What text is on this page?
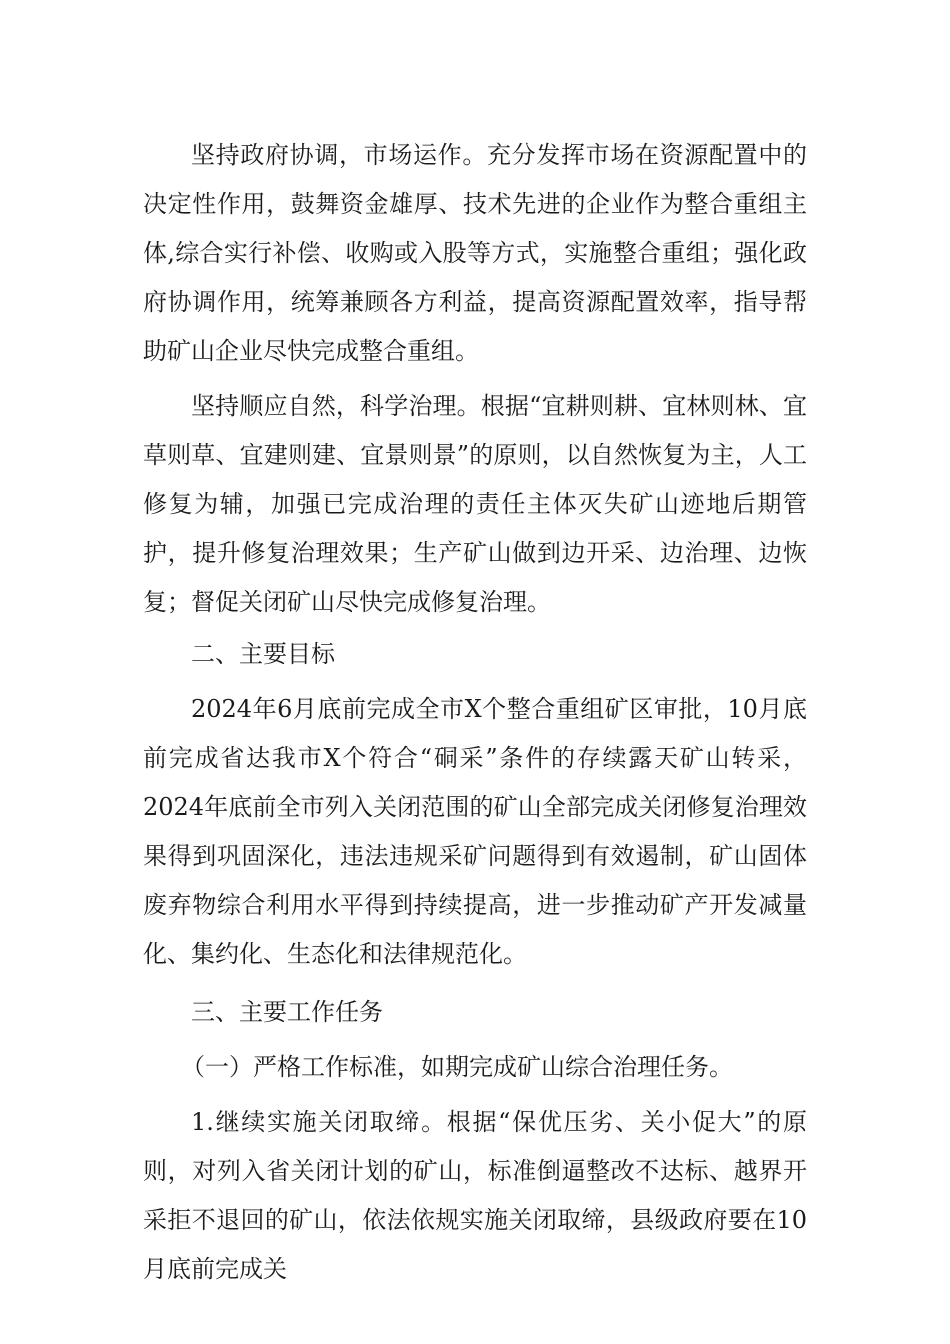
坚持政府协调，市场运作。充分发挥市场在资源配置中的决定性作用，鼓舞资金雄厚、技术先进的企业作为整合重组主体,综合实行补偿、收购或入股等方式，实施整合重组；强化政府协调作用，统筹兼顾各方利益，提高资源配置效率，指导帮助矿山企业尽快完成整合重组。

坚持顺应自然，科学治理。根据“宜耕则耕、宜林则林、宜草则草、宜建则建、宜景则景”的原则，以自然恢复为主，人工修复为辅，加强已完成治理的责任主体灭失矿山迹地后期管护，提升修复治理效果；生产矿山做到边开采、边治理、边恢复；督促关闭矿山尽快完成修复治理。

二、主要目标

2024年6月底前完成全市X个整合重组矿区审批，10月底前完成省达我市X个符合“硐采”条件的存续露天矿山转采，2024年底前全市列入关闭范围的矿山全部完成关闭修复治理效果得到巩固深化，违法违规采矿问题得到有效遏制，矿山固体废弃物综合利用水平得到持续提高，进一步推动矿产开发减量化、集约化、生态化和法律规范化。

三、主要工作任务

（一）严格工作标准，如期完成矿山综合治理任务。

1.继续实施关闭取缔。根据“保优压劣、关小促大”的原则，对列入省关闭计划的矿山，标准倒逼整改不达标、越界开采拒不退回的矿山，依法依规实施关闭取缔，县级政府要在10月底前完成关
